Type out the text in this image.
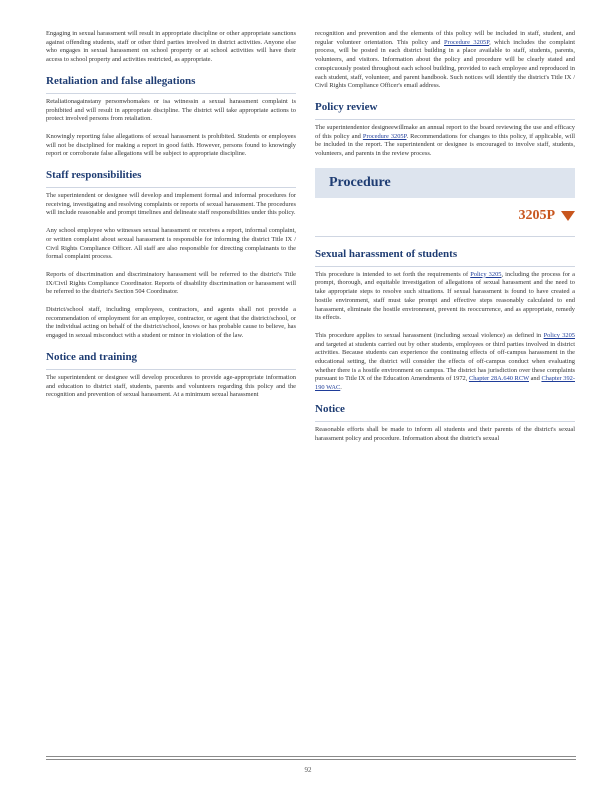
Engaging in sexual harassment will result in appropriate discipline or other appropriate sanctions against offending students, staff or other third parties involved in district activities. Anyone else who engages in sexual harassment on school property or at school activities will have their access to school property and activities restricted, as appropriate.

Retaliation and false allegations

Retaliationagainstany personwhomakes or isa witnessin a sexual harassment complaint is prohibited and will result in appropriate discipline. The district will take appropriate actions to protect involved persons from retaliation.

Knowingly reporting false allegations of sexual harassment is prohibited. Students or employees will not be disciplined for making a report in good faith. However, persons found to knowingly report or corroborate false allegations will be subject to appropriate discipline.

Staff responsibilities

The superintendent or designee will develop and implement formal and informal procedures for receiving, investigating and resolving complaints or reports of sexual harassment. The procedures will include reasonable and prompt timelines and delineate staff responsibilities under this policy.

Any school employee who witnesses sexual harassment or receives a report, informal complaint, or written complaint about sexual harassment is responsible for informing the district Title IX / Civil Rights Compliance Officer. All staff are also responsible for directing complainants to the formal complaint process.

Reports of discrimination and discriminatory harassment will be referred to the district's Title IX/Civil Rights Compliance Coordinator. Reports of disability discrimination or harassment will be referred to the district's Section 504 Coordinator.

District/school staff, including employees, contractors, and agents shall not provide a recommendation of employment for an employee, contractor, or agent that the district/school, or the individual acting on behalf of the district/school, knows or has probable cause to believe, has engaged in sexual misconduct with a student or minor in violation of the law.

Notice and training

The superintendent or designee will develop procedures to provide age-appropriate information and education to district staff, students, parents and volunteers regarding this policy and the recognition and prevention of sexual harassment. At a minimum sexual harassment

recognition and prevention and the elements of this policy will be included in staff, student, and regular volunteer orientation. This policy and Procedure 3205P, which includes the complaint process, will be posted in each district building in a place available to staff, students, parents, volunteers, and visitors. Information about the policy and procedure will be clearly stated and conspicuously posted throughout each school building, provided to each employee and reproduced in each student, staff, volunteer, and parent handbook. Such notices will identify the district's Title IX / Civil Rights Compliance Officer's email address.

Policy review

The superintendentor designeewillmake an annual report to the board reviewing the use and efficacy of this policy and Procedure 3205P. Recommendations for changes to this policy, if applicable, will be included in the report. The superintendent or designee is encouraged to involve staff, students, volunteers, and parents in the review process.

Procedure
3205P
Sexual harassment of students

This procedure is intended to set forth the requirements of Policy 3205, including the process for a prompt, thorough, and equitable investigation of allegations of sexual harassment and the need to take appropriate steps to resolve such situations. If sexual harassment is found to have created a hostile environment, staff must take prompt and effective steps reasonably calculated to end harassment, eliminate the hostile environment, prevent its reoccurrence, and as appropriate, remedy its effects.

This procedure applies to sexual harassment (including sexual violence) as defined in Policy 3205 and targeted at students carried out by other students, employees or third parties involved in district activities. Because students can experience the continuing effects of off-campus harassment in the educational setting, the district will consider the effects of off-campus conduct when evaluating whether there is a hostile environment on campus. The district has jurisdiction over these complaints pursuant to Title IX of the Education Amendments of 1972, Chapter 28A.640 RCW and Chapter 392-190 WAC.

Notice

Reasonable efforts shall be made to inform all students and their parents of the district's sexual harassment policy and procedure. Information about the district's sexual

92
